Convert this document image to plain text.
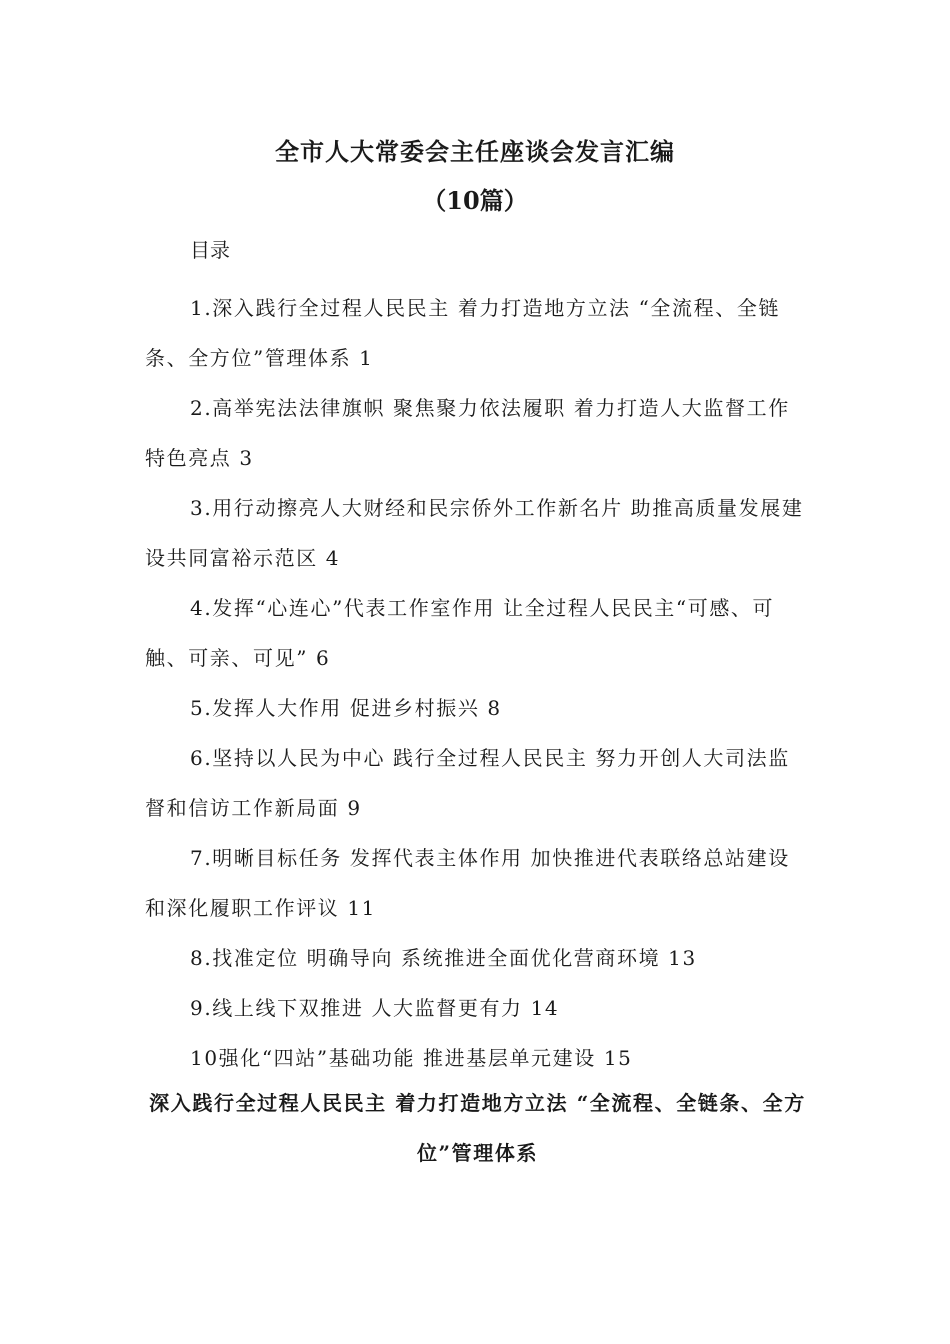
全市人大常委会主任座谈会发言汇编
（10篇）
目录

1.深入践行全过程人民民主 着力打造地方立法 “全流程、全链条、全方位”管理体系 1

2.高举宪法法律旗帜 聚焦聚力依法履职 着力打造人大监督工作特色亮点 3

3.用行动擦亮人大财经和民宗侨外工作新名片 助推高质量发展建设共同富裕示范区 4

4.发挥“心连心”代表工作室作用 让全过程人民民主“可感、可触、可亲、可见” 6

5.发挥人大作用 促进乡村振兴 8

6.坚持以人民为中心 践行全过程人民民主 努力开创人大司法监督和信访工作新局面 9

7.明晰目标任务 发挥代表主体作用 加快推进代表联络总站建设和深化履职工作评议 11

8.找准定位 明确导向 系统推进全面优化营商环境 13

9.线上线下双推进 人大监督更有力 14

10强化“四站”基础功能 推进基层单元建设 15

深入践行全过程人民民主 着力打造地方立法 “全流程、全链条、全方位”管理体系
